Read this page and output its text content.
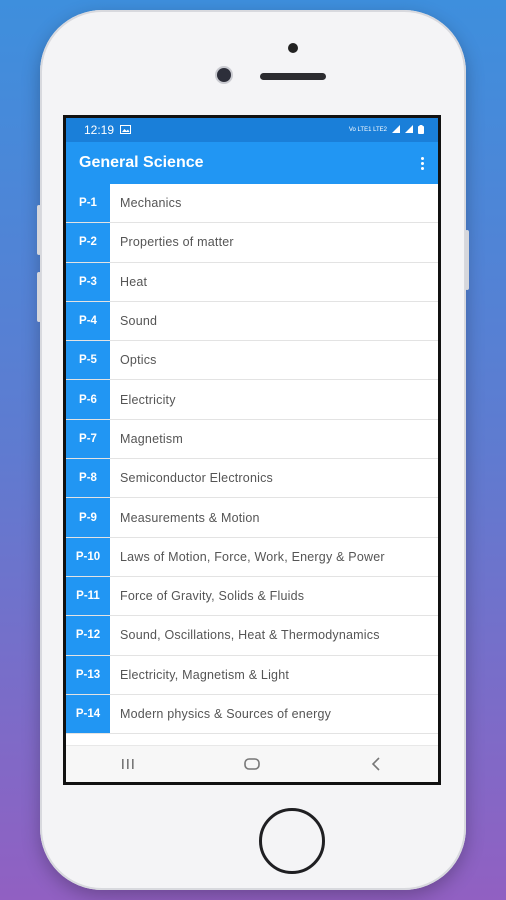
12:19	Vo LTE1 LTE2
General Science
P-1	Mechanics
P-2	Properties of matter
P-3	Heat
P-4	Sound
P-5	Optics
P-6	Electricity
P-7	Magnetism
P-8	Semiconductor Electronics
P-9	Measurements & Motion
P-10	Laws of Motion, Force, Work, Energy & Power
P-11	Force of Gravity, Solids & Fluids
P-12	Sound, Oscillations, Heat & Thermodynamics
P-13	Electricity, Magnetism & Light
P-14	Modern physics & Sources of energy
